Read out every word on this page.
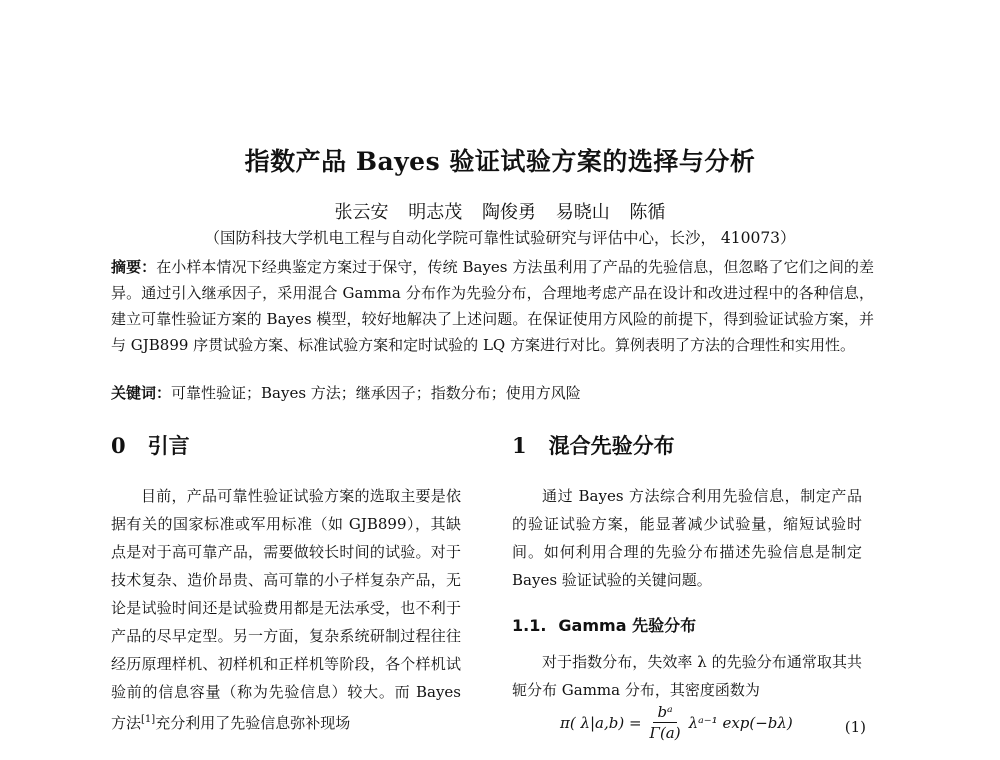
指数产品 Bayes 验证试验方案的选择与分析
张云安 明志茂 陶俊勇 易晓山 陈循
（国防科技大学机电工程与自动化学院可靠性试验研究与评估中心，长沙， 410073）

摘要：在小样本情况下经典鉴定方案过于保守，传统 Bayes 方法虽利用了产品的先验信息，但忽略了它们之间的差异。通过引入继承因子，采用混合 Gamma 分布作为先验分布，合理地考虑产品在设计和改进过程中的各种信息，建立可靠性验证方案的 Bayes 模型，较好地解决了上述问题。在保证使用方风险的前提下，得到验证试验方案，并与 GJB899 序贯试验方案、标准试验方案和定时试验的 LQ 方案进行对比。算例表明了方法的合理性和实用性。

关键词：可靠性验证；Bayes 方法；继承因子；指数分布；使用方风险

0 引言

目前，产品可靠性验证试验方案的选取主要是依据有关的国家标准或军用标准（如 GJB899），其缺点是对于高可靠产品，需要做较长时间的试验。对于技术复杂、造价昂贵、高可靠的小子样复杂产品，无论是试验时间还是试验费用都是无法承受，也不利于产品的尽早定型。另一方面，复杂系统研制过程往往经历原理样机、初样机和正样机等阶段，各个样机试验前的信息容量（称为先验信息）较大。而 Bayes 方法[1]充分利用了先验信息弥补现场

1 混合先验分布

通过 Bayes 方法综合利用先验信息，制定产品的验证试验方案，能显著减少试验量，缩短试验时间。如何利用合理的先验分布描述先验信息是制定 Bayes 验证试验的关键问题。

1.1. Gamma 先验分布

对于指数分布，失效率 λ 的先验分布通常取其共轭分布 Gamma 分布，其密度函数为

π( $\lambda|a,b) = \frac{\text{bᵃ}}{\Gamma(a)}$ λᵃ⁻¹ exp(−bλ)	(1)
